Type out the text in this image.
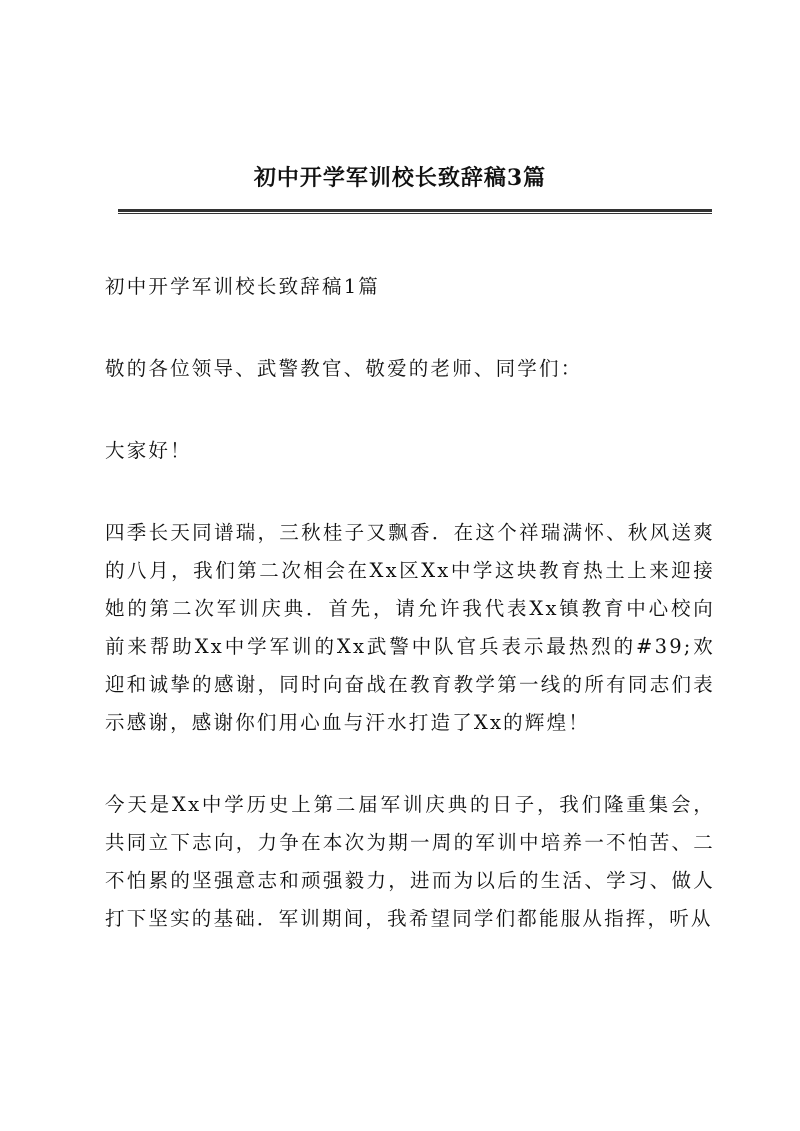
初中开学军训校长致辞稿3篇

初中开学军训校长致辞稿1篇

敬的各位领导、武警教官、敬爱的老师、同学们：

大家好！

四季长天同谱瑞，三秋桂子又飘香．在这个祥瑞满怀、秋风送爽的八月，我们第二次相会在Xx区Xx中学这块教育热土上来迎接她的第二次军训庆典．首先，请允许我代表Xx镇教育中心校向前来帮助Xx中学军训的Xx武警中队官兵表示最热烈的#39;欢迎和诚挚的感谢，同时向奋战在教育教学第一线的所有同志们表示感谢，感谢你们用心血与汗水打造了Xx的辉煌！

今天是Xx中学历史上第二届军训庆典的日子，我们隆重集会，共同立下志向，力争在本次为期一周的军训中培养一不怕苦、二不怕累的坚强意志和顽强毅力，进而为以后的生活、学习、做人打下坚实的基础．军训期间，我希望同学们都能服从指挥，听从
